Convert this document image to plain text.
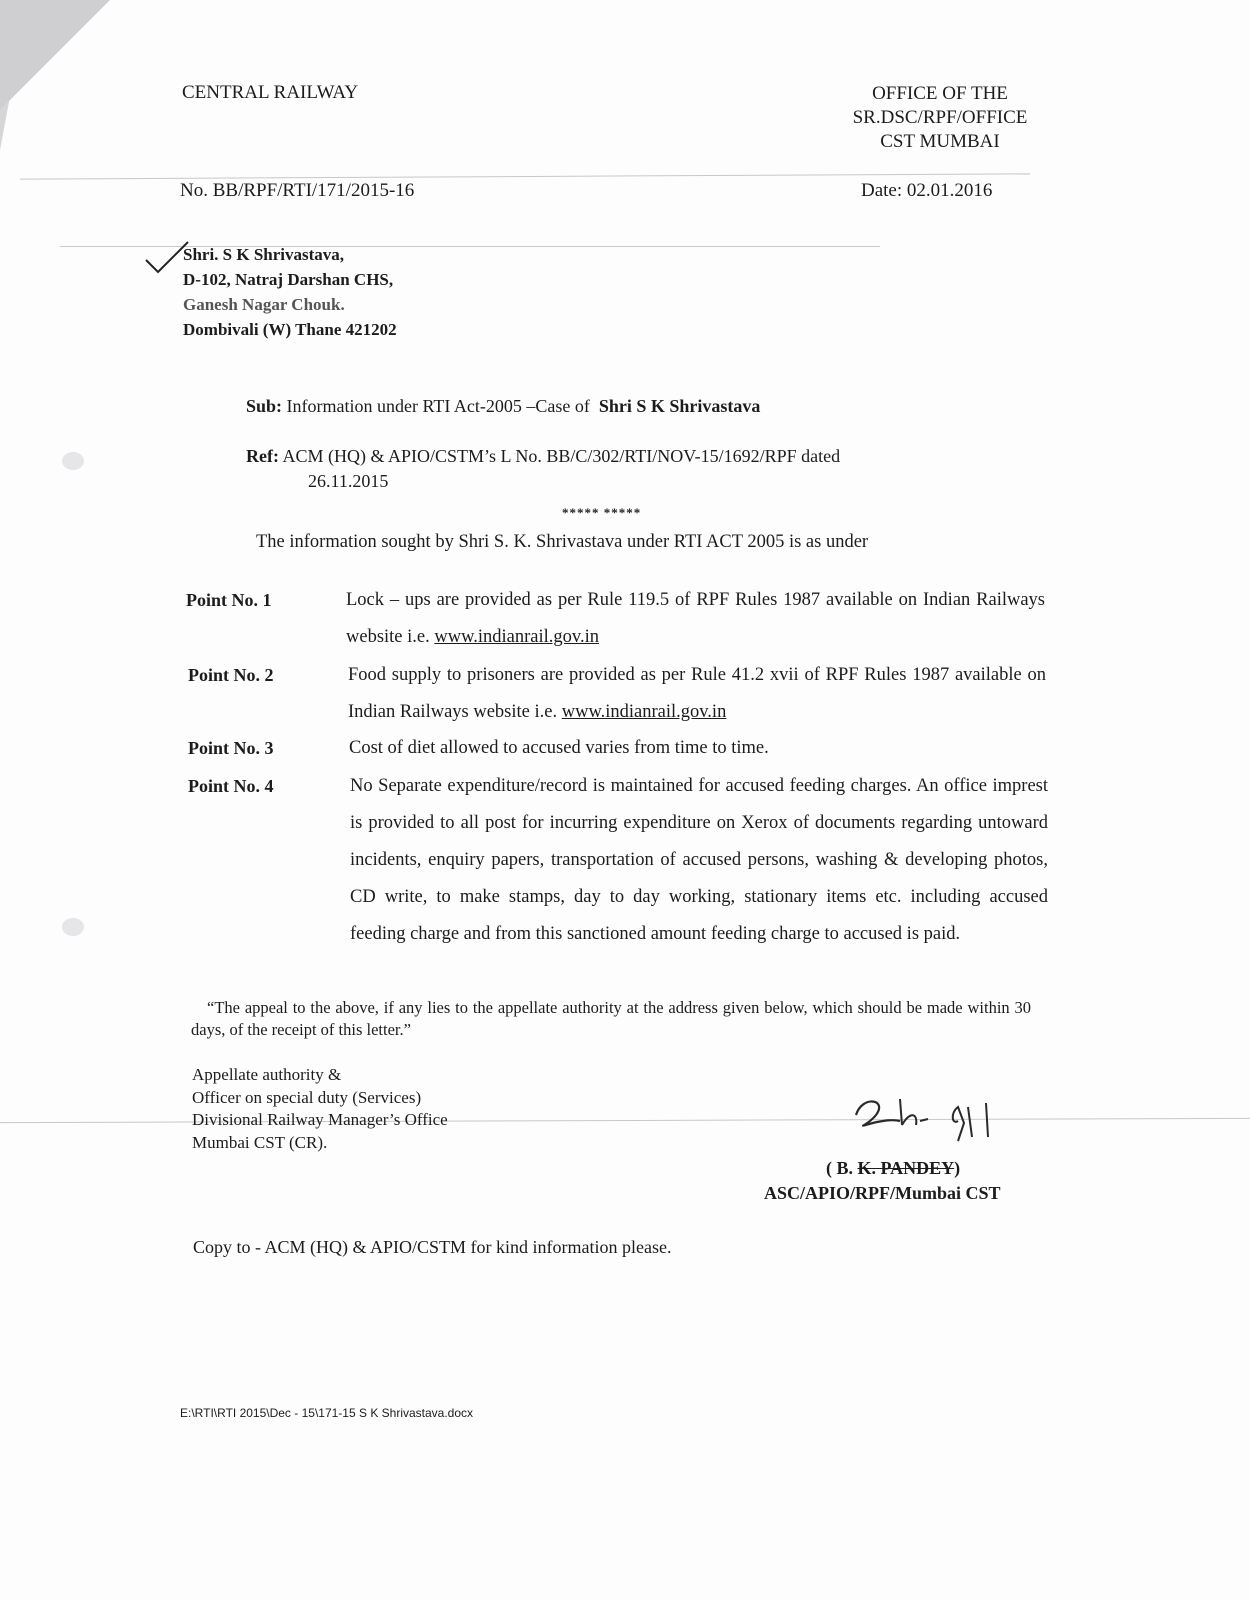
CENTRAL RAILWAY	OFFICE OF THE
SR.DSC/RPF/OFFICE
CST MUMBAI
No. BB/RPF/RTI/171/2015-16	Date: 02.01.2016
Shri. S K Shrivastava,
D-102, Natraj Darshan CHS,
Ganesh Nagar Chouk.
Dombivali (W) Thane 421202
Sub: Information under RTI Act-2005 –Case of Shri S K Shrivastava
Ref: ACM (HQ) & APIO/CSTM’s L No. BB/C/302/RTI/NOV-15/1692/RPF dated
26.11.2015
***** *****
The information sought by Shri S. K. Shrivastava under RTI ACT 2005 is as under
Point No. 1	Lock – ups are provided as per Rule 119.5 of RPF Rules 1987 available on Indian Railways website i.e. www.indianrail.gov.in
Point No. 2	Food supply to prisoners are provided as per Rule 41.2 xvii of RPF Rules 1987 available on Indian Railways website i.e. www.indianrail.gov.in
Point No. 3	Cost of diet allowed to accused varies from time to time.
Point No. 4	No Separate expenditure/record is maintained for accused feeding charges. An office imprest is provided to all post for incurring expenditure on Xerox of documents regarding untoward incidents, enquiry papers, transportation of accused persons, washing & developing photos, CD write, to make stamps, day to day working, stationary items etc. including accused feeding charge and from this sanctioned amount feeding charge to accused is paid.
“The appeal to the above, if any lies to the appellate authority at the address given below, which should be made within 30 days, of the receipt of this letter.”
Appellate authority &
Officer on special duty (Services)
Divisional Railway Manager’s Office
Mumbai CST (CR).
( B. K. PANDEY)
ASC/APIO/RPF/Mumbai CST
Copy to - ACM (HQ) & APIO/CSTM for kind information please.
E:\RTI\RTI 2015\Dec - 15\171-15 S K Shrivastava.docx
